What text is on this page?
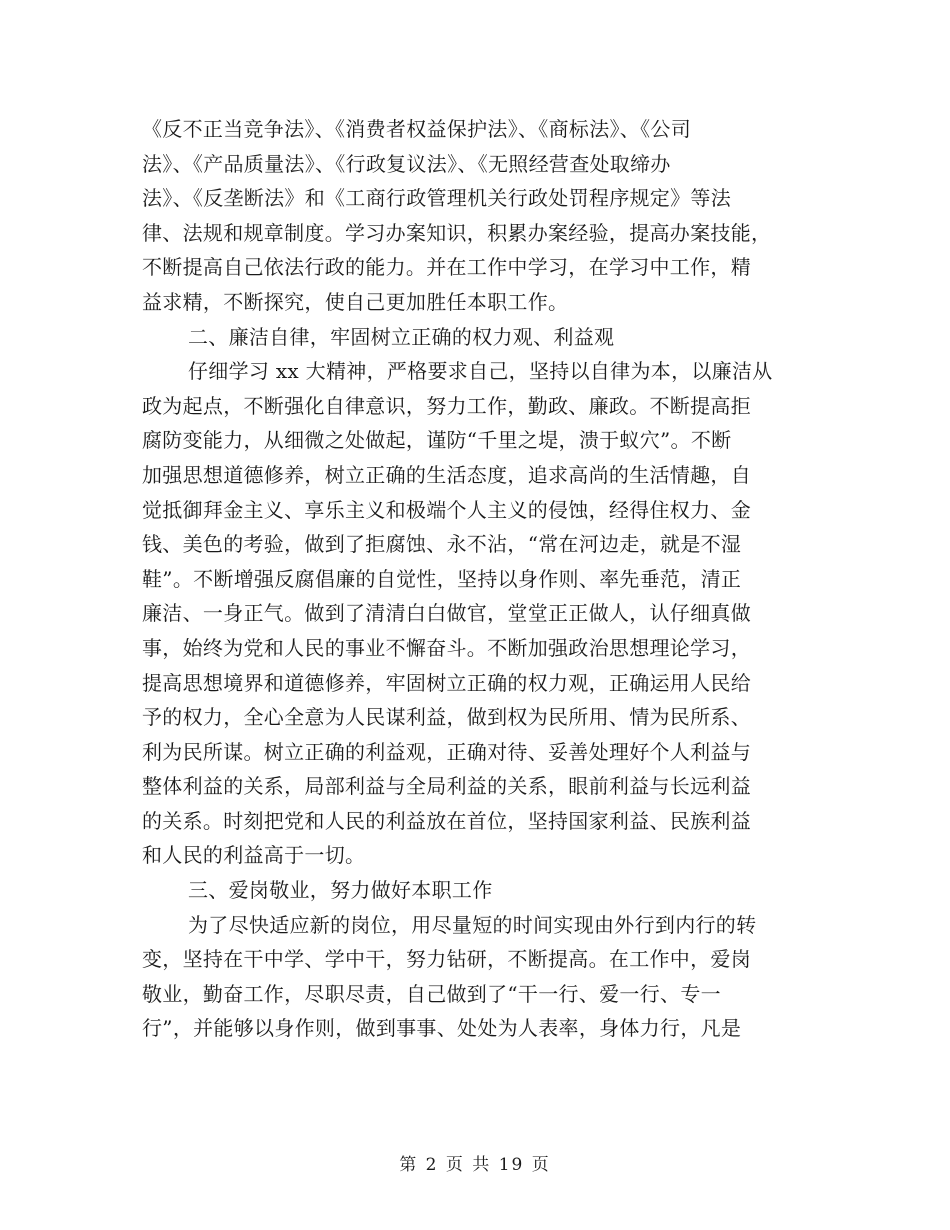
《反不正当竞争法》、《消费者权益保护法》、《商标法》、《公司
法》、《产品质量法》、《行政复议法》、《无照经营查处取缔办
法》、《反垄断法》和《工商行政管理机关行政处罚程序规定》等法
律、法规和规章制度。学习办案知识，积累办案经验，提高办案技能，
不断提高自己依法行政的能力。并在工作中学习，在学习中工作，精
益求精，不断探究，使自己更加胜任本职工作。
二、廉洁自律，牢固树立正确的权力观、利益观
仔细学习 xx 大精神，严格要求自己，坚持以自律为本，以廉洁从
政为起点，不断强化自律意识，努力工作，勤政、廉政。不断提高拒
腐防变能力，从细微之处做起，谨防“千里之堤，溃于蚁穴”。不断
加强思想道德修养，树立正确的生活态度，追求高尚的生活情趣，自
觉抵御拜金主义、享乐主义和极端个人主义的侵蚀，经得住权力、金
钱、美色的考验，做到了拒腐蚀、永不沾，“常在河边走，就是不湿
鞋”。不断增强反腐倡廉的自觉性，坚持以身作则、率先垂范，清正
廉洁、一身正气。做到了清清白白做官，堂堂正正做人，认仔细真做
事，始终为党和人民的事业不懈奋斗。不断加强政治思想理论学习，
提高思想境界和道德修养，牢固树立正确的权力观，正确运用人民给
予的权力，全心全意为人民谋利益，做到权为民所用、情为民所系、
利为民所谋。树立正确的利益观，正确对待、妥善处理好个人利益与
整体利益的关系，局部利益与全局利益的关系，眼前利益与长远利益
的关系。时刻把党和人民的利益放在首位，坚持国家利益、民族利益
和人民的利益高于一切。
三、爱岗敬业，努力做好本职工作
为了尽快适应新的岗位，用尽量短的时间实现由外行到内行的转
变，坚持在干中学、学中干，努力钻研，不断提高。在工作中，爱岗
敬业，勤奋工作，尽职尽责，自己做到了“干一行、爱一行、专一
行”，并能够以身作则，做到事事、处处为人表率，身体力行，凡是
第 2 页 共 19 页
